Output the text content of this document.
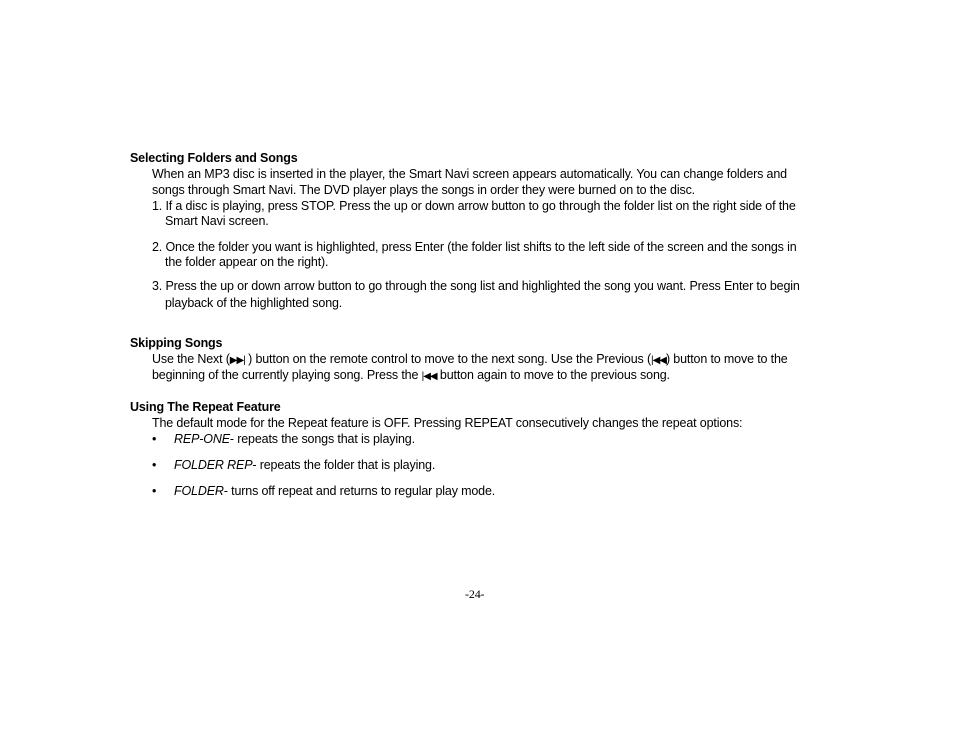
Selecting Folders and Songs
When an MP3 disc is inserted in the player, the Smart Navi screen appears automatically. You can change folders and
songs through Smart Navi. The DVD player plays the songs in order they were burned on to the disc.
1. If a disc is playing, press STOP. Press the up or down arrow button to go through the folder list on the right side of the
Smart Navi screen.
2. Once the folder you want is highlighted, press Enter (the folder list shifts to the left side of the screen and the songs in
the folder appear on the right).
3. Press the up or down arrow button to go through the song list and highlighted the song you want. Press Enter to begin
playback of the highlighted song.
Skipping Songs
Use the Next (▶▶| ) button on the remote control to move to the next song. Use the Previous (|◀◀) button to move to the
beginning of the currently playing song. Press the |◀◀ button again to move to the previous song.
Using The Repeat Feature
The default mode for the Repeat feature is OFF. Pressing REPEAT consecutively changes the repeat options:
• REP-ONE- repeats the songs that is playing.
• FOLDER REP- repeats the folder that is playing.
• FOLDER- turns off repeat and returns to regular play mode.
-24-
